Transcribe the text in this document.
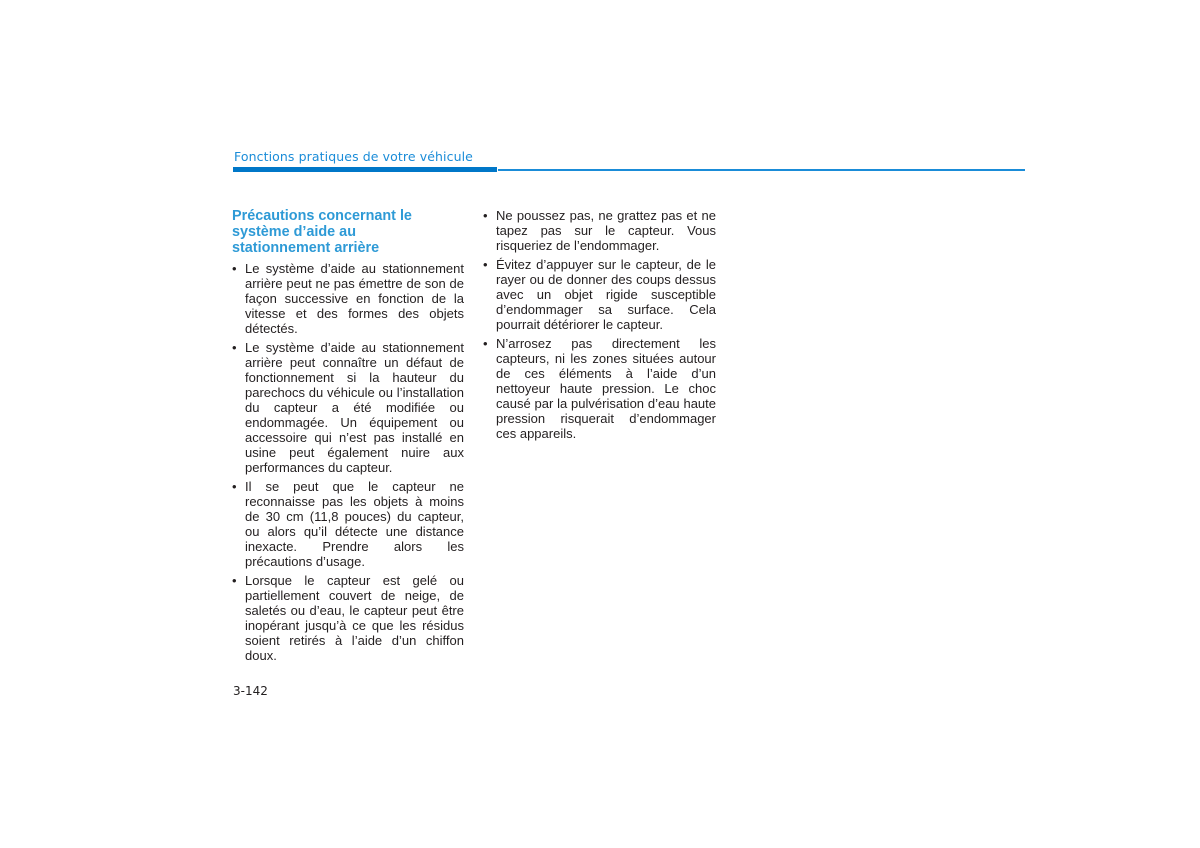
Fonctions pratiques de votre véhicule
Précautions concernant le système d’aide au stationnement arrière
• Le système d’aide au stationnement arrière peut ne pas émettre de son de façon successive en fonction de la vitesse et des formes des objets détectés.
• Le système d’aide au stationnement arrière peut connaître un défaut de fonctionnement si la hauteur du parechocs du véhicule ou l’installation du capteur a été modifiée ou endommagée. Un équipement ou accessoire qui n’est pas installé en usine peut également nuire aux performances du capteur.
• Il se peut que le capteur ne reconnaisse pas les objets à moins de 30 cm (11,8 pouces) du capteur, ou alors qu’il détecte une distance inexacte. Prendre alors les précautions d’usage.
• Lorsque le capteur est gelé ou partiellement couvert de neige, de saletés ou d’eau, le capteur peut être inopérant jusqu’à ce que les résidus soient retirés à l’aide d’un chiffon doux.
• Ne poussez pas, ne grattez pas et ne tapez pas sur le capteur. Vous risqueriez de l’endommager.
• Évitez d’appuyer sur le capteur, de le rayer ou de donner des coups dessus avec un objet rigide susceptible d’endommager sa surface. Cela pourrait détériorer le capteur.
• N’arrosez pas directement les capteurs, ni les zones situées autour de ces éléments à l’aide d’un nettoyeur haute pression. Le choc causé par la pulvérisation d’eau haute pression risquerait d’endommager ces appareils.
3-142
